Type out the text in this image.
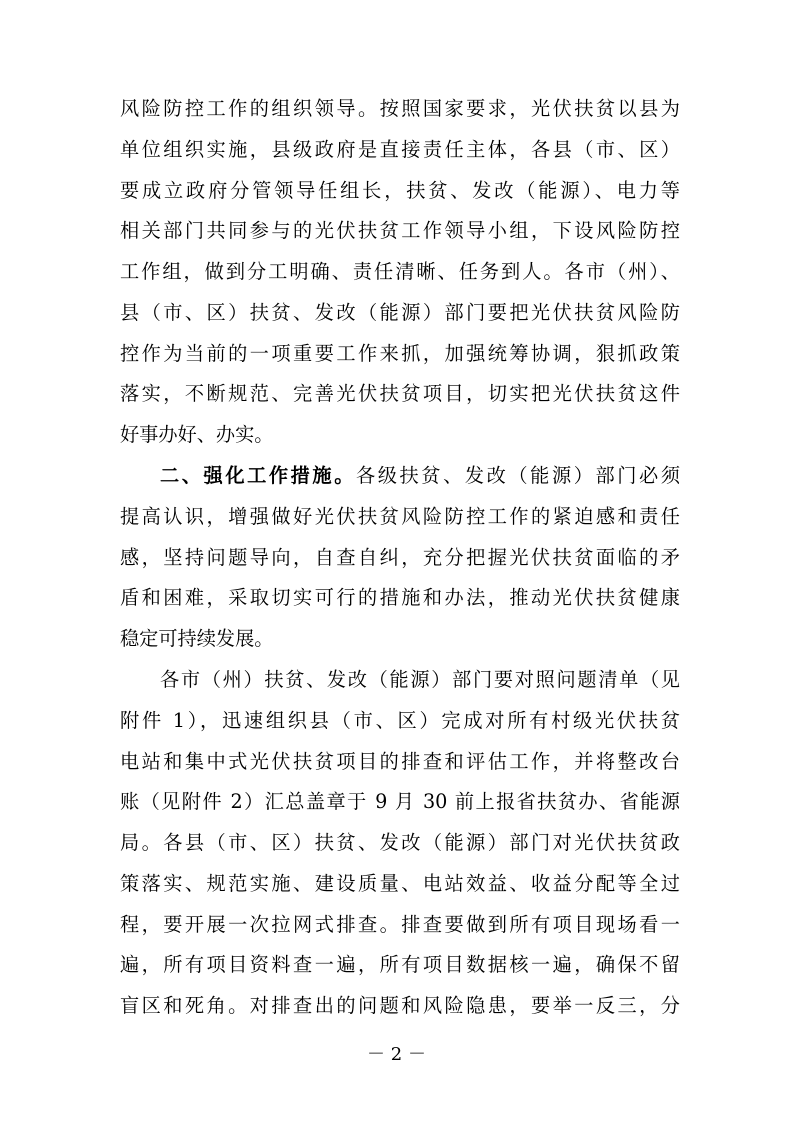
风险防控工作的组织领导。按照国家要求，光伏扶贫以县为
单位组织实施，县级政府是直接责任主体，各县（市、区）
要成立政府分管领导任组长，扶贫、发改（能源）、电力等
相关部门共同参与的光伏扶贫工作领导小组，下设风险防控
工作组，做到分工明确、责任清晰、任务到人。各市（州）、
县（市、区）扶贫、发改（能源）部门要把光伏扶贫风险防
控作为当前的一项重要工作来抓，加强统筹协调，狠抓政策
落实，不断规范、完善光伏扶贫项目，切实把光伏扶贫这件
好事办好、办实。
二、强化工作措施。各级扶贫、发改（能源）部门必须
提高认识，增强做好光伏扶贫风险防控工作的紧迫感和责任
感，坚持问题导向，自查自纠，充分把握光伏扶贫面临的矛
盾和困难，采取切实可行的措施和办法，推动光伏扶贫健康
稳定可持续发展。
－ 2 －
各市（州）扶贫、发改（能源）部门要对照问题清单（见
附件 1），迅速组织县（市、区）完成对所有村级光伏扶贫
电站和集中式光伏扶贫项目的排查和评估工作，并将整改台
账（见附件 2）汇总盖章于 9 月 30 前上报省扶贫办、省能源
局。各县（市、区）扶贫、发改（能源）部门对光伏扶贫政
策落实、规范实施、建设质量、电站效益、收益分配等全过
程，要开展一次拉网式排查。排查要做到所有项目现场看一
遍，所有项目资料查一遍，所有项目数据核一遍，确保不留
盲区和死角。对排查出的问题和风险隐患，要举一反三，分
